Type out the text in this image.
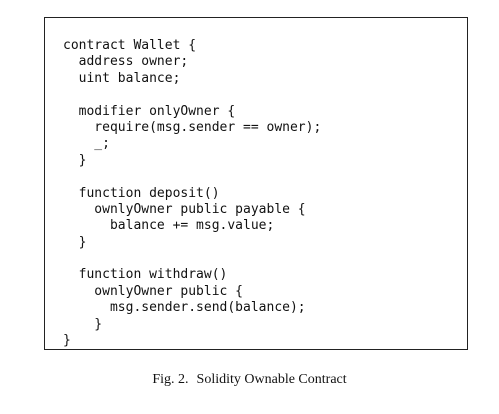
contract Wallet {
address owner;
uint balance;
modifier onlyOwner {
require(msg.sender == owner);
_;
}
function deposit()
ownlyOwner public payable {
balance += msg.value;
}
function withdraw()
ownlyOwner public {
msg.sender.send(balance);
}
}
Fig. 2. Solidity Ownable Contract
